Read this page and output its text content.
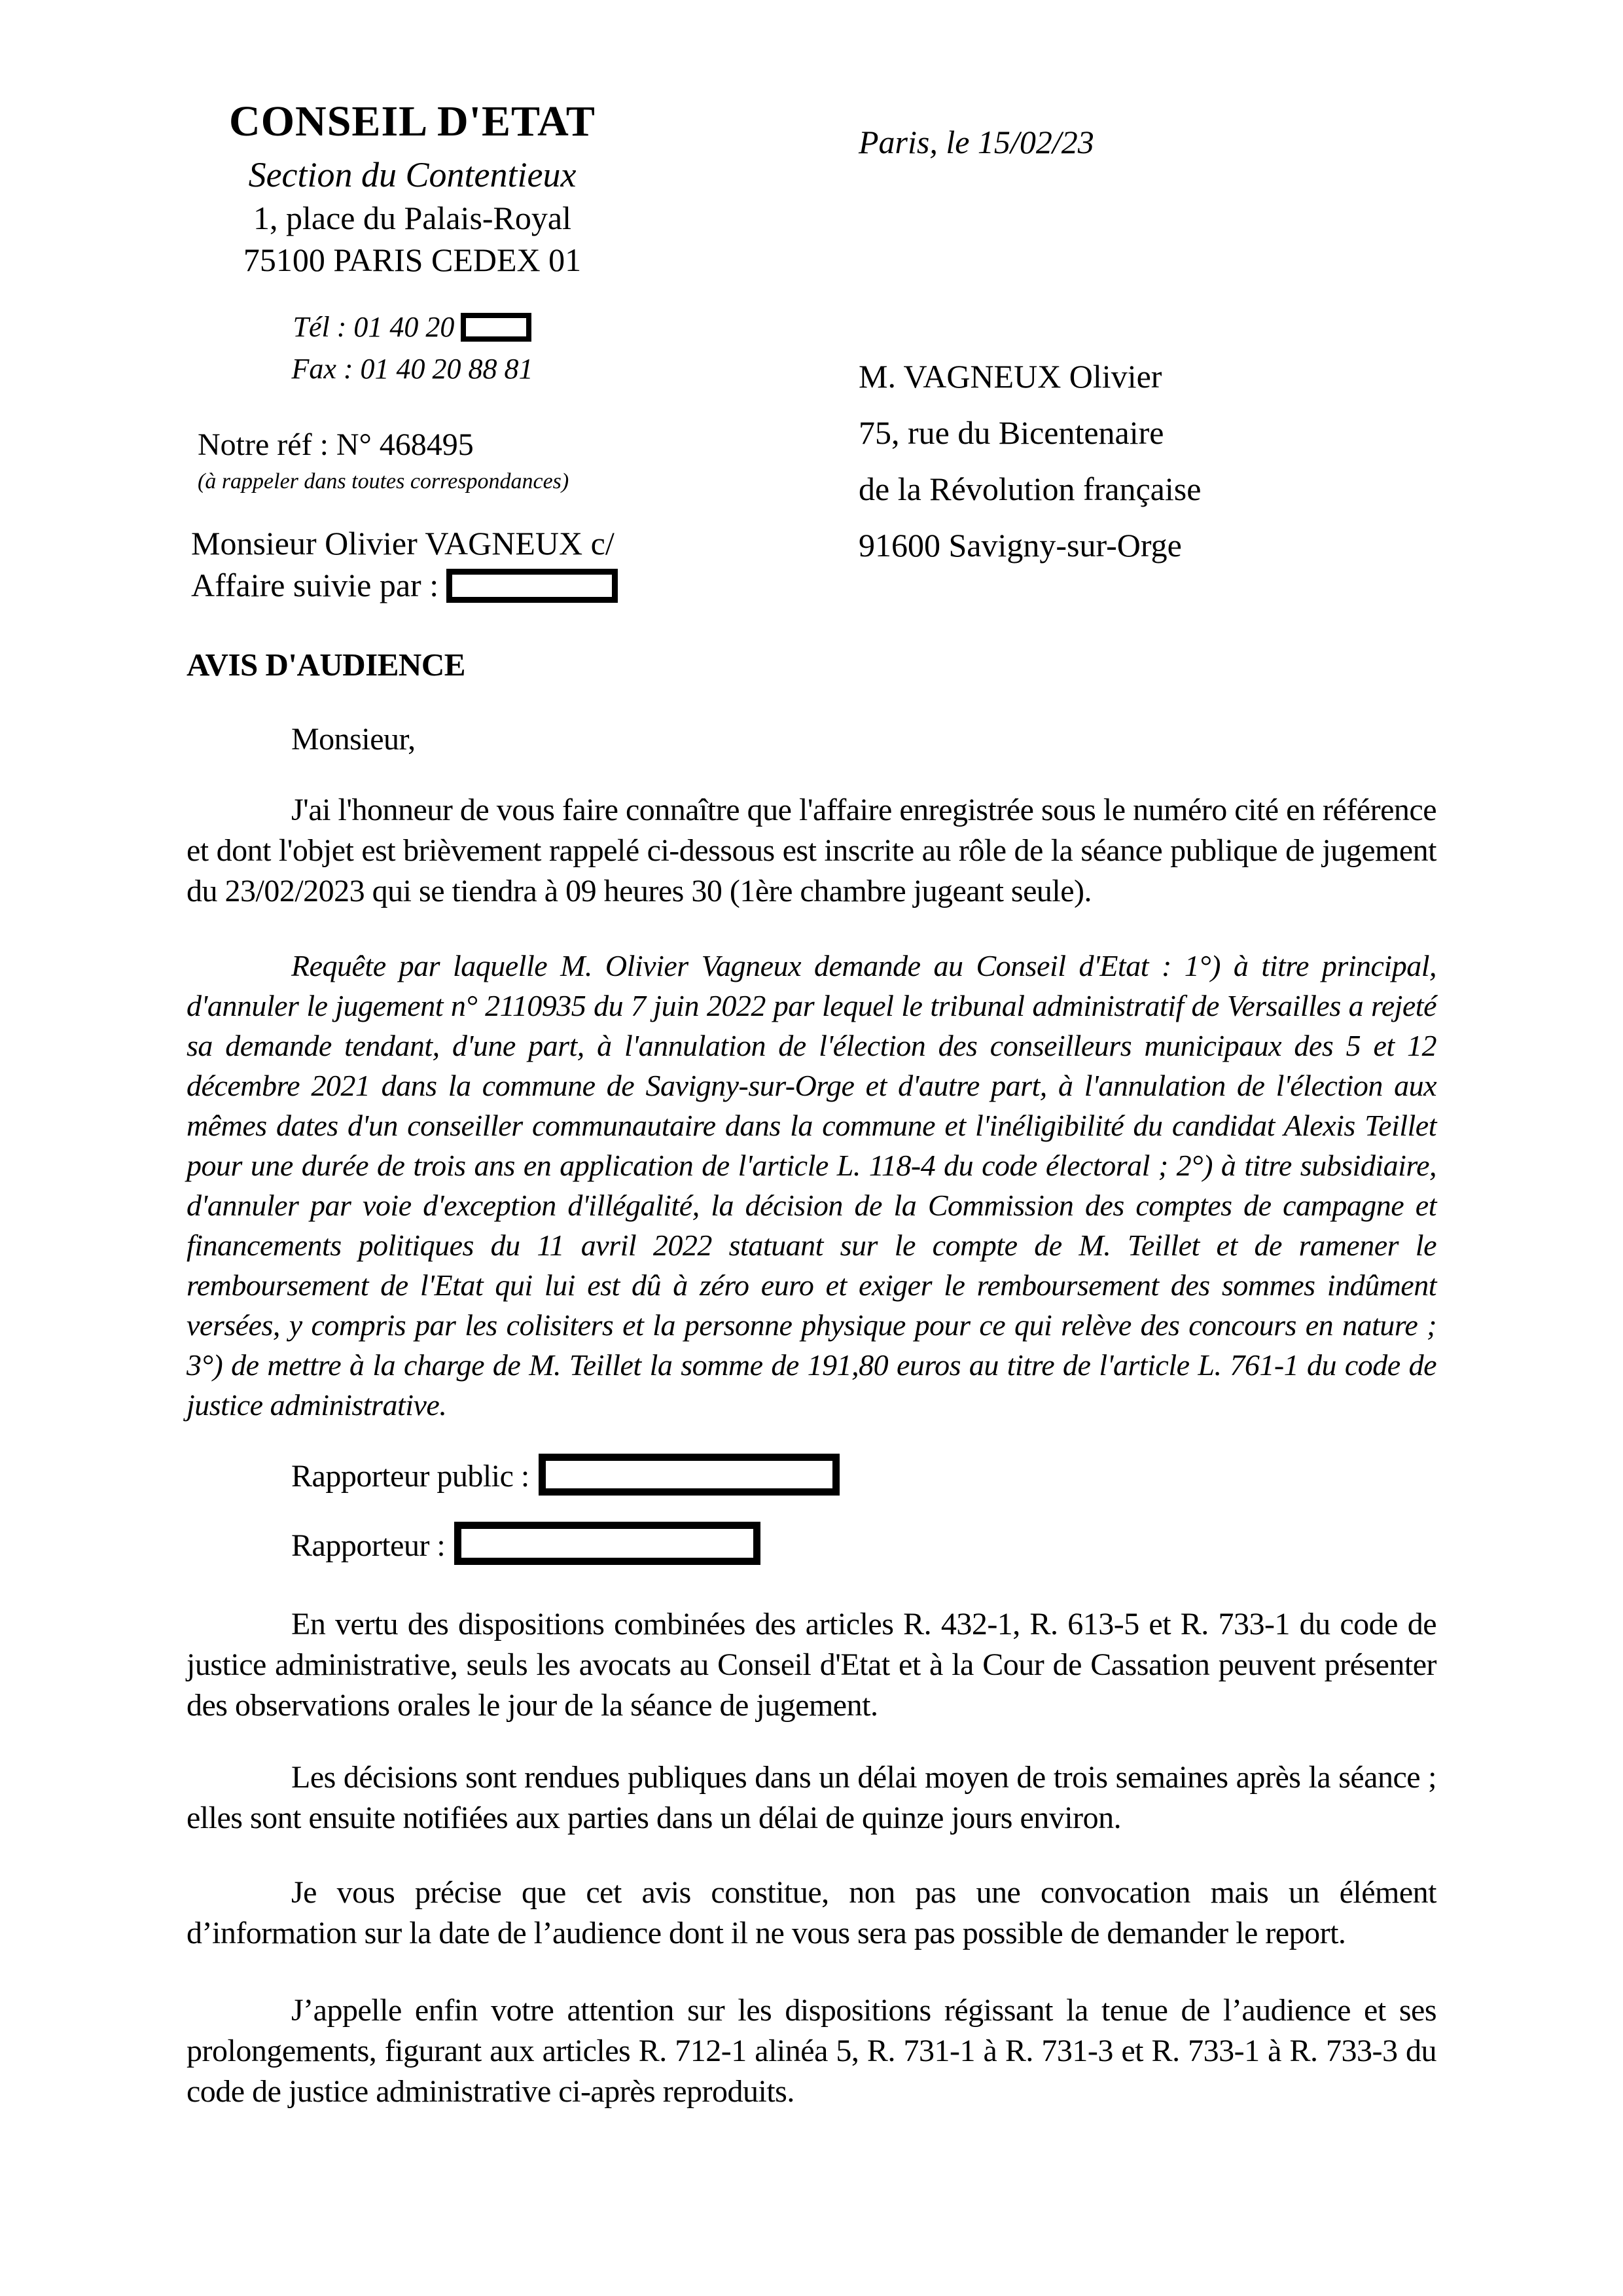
CONSEIL D'ETAT
Section du Contentieux
1, place du Palais-Royal
75100 PARIS CEDEX 01
Tél : 01 40 20
Fax : 01 40 20 88 81
Paris, le 15/02/23
M. VAGNEUX Olivier
75, rue du Bicentenaire
de la Révolution française
91600 Savigny-sur-Orge
Notre réf : N° 468495
(à rappeler dans toutes correspondances)
Monsieur Olivier VAGNEUX c/
Affaire suivie par :
AVIS D'AUDIENCE

Monsieur,

J'ai l'honneur de vous faire connaître que l'affaire enregistrée sous le numéro cité en référence et dont l'objet est brièvement rappelé ci-dessous est inscrite au rôle de la séance publique de jugement du 23/02/2023 qui se tiendra à 09 heures 30 (1ère chambre jugeant seule).

Requête par laquelle M. Olivier Vagneux demande au Conseil d'Etat : 1°) à titre principal, d'annuler le jugement n° 2110935 du 7 juin 2022 par lequel le tribunal administratif de Versailles a rejeté sa demande tendant, d'une part, à l'annulation de l'élection des conseilleurs municipaux des 5 et 12 décembre 2021 dans la commune de Savigny-sur-Orge et d'autre part, à l'annulation de l'élection aux mêmes dates d'un conseiller communautaire dans la commune et l'inéligibilité du candidat Alexis Teillet pour une durée de trois ans en application de l'article L. 118-4 du code électoral ; 2°) à titre subsidiaire, d'annuler par voie d'exception d'illégalité, la décision de la Commission des comptes de campagne et financements politiques du 11 avril 2022 statuant sur le compte de M. Teillet et de ramener le remboursement de l'Etat qui lui est dû à zéro euro et exiger le remboursement des sommes indûment versées, y compris par les colisiters et la personne physique pour ce qui relève des concours en nature ; 3°) de mettre à la charge de M. Teillet la somme de 191,80 euros au titre de l'article L. 761-1 du code de justice administrative.

Rapporteur public :
Rapporteur :

En vertu des dispositions combinées des articles R. 432-1, R. 613-5 et R. 733-1 du code de justice administrative, seuls les avocats au Conseil d'Etat et à la Cour de Cassation peuvent présenter des observations orales le jour de la séance de jugement.

Les décisions sont rendues publiques dans un délai moyen de trois semaines après la séance ; elles sont ensuite notifiées aux parties dans un délai de quinze jours environ.

Je vous précise que cet avis constitue, non pas une convocation mais un élément d’information sur la date de l’audience dont il ne vous sera pas possible de demander le report.

J’appelle enfin votre attention sur les dispositions régissant la tenue de l’audience et ses prolongements, figurant aux articles R. 712-1 alinéa 5, R. 731-1 à R. 731-3 et R. 733-1 à R. 733-3 du code de justice administrative ci-après reproduits.
